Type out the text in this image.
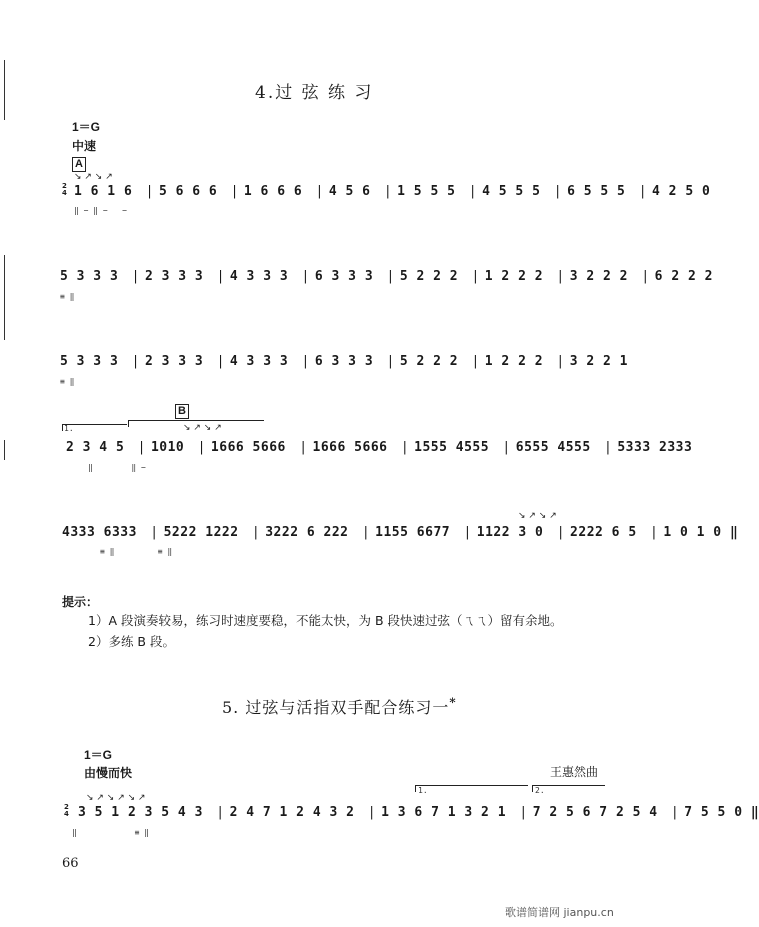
4.过 弦 练 习
1＝G
中速
A
2
4
↘ ↗ ↘ ↗
↘ ↗ ↘ ↗
↘ ↗ ↘ ↗
↘ ↗ ↘ ↗ ↘ ↗
1 6 1 6 | 5 6 6 6 | 1 6 6 6 | 4 5 6 | 1 5 5 5 | 4 5 5 5 | 6 5 5 5 | 4 2 5 0
‖ − ‖ −   −
5 3 3 3 | 2 3 3 3 | 4 3 3 3 | 6 3 3 3 | 5 2 2 2 | 1 2 2 2 | 3 2 2 2 | 6 2 2 2
≡ ‖
5 3 3 3 | 2 3 3 3 | 4 3 3 3 | 6 3 3 3 | 5 2 2 2 | 1 2 2 2 | 3 2 2 1
≡ ‖
B
1.
2 3 4 5 | 1010 | 1666 5666 | 1666 5666 | 1555 4555 | 6555 4555 | 5333 2333
‖        ‖ −
4333 6333 | 5222 1222 | 3222 6 222 | 1155 6677 | 1122 3 0 | 2222 6 5 | 1 0 1 0 ‖
≡ ‖         ≡ ‖
提示：
1）A 段演奏较易，练习时速度要稳，不能太快，为 B 段快速过弦（ㄟㄟ）留有余地。
2）多练 B 段。
5. 过弦与活指双手配合练习一*
1＝G
由慢而快	王惠然曲
2
4
1.	2.
3 5 1 2 3 5 4 3 | 2 4 7 1 2 4 3 2 | 1 3 6 7 1 3 2 1 | 7 2 5 6 7 2 5 4 | 7 5 5 0 ‖
‖            ≡ ‖
66
歌谱简谱网 jianpu.cn
